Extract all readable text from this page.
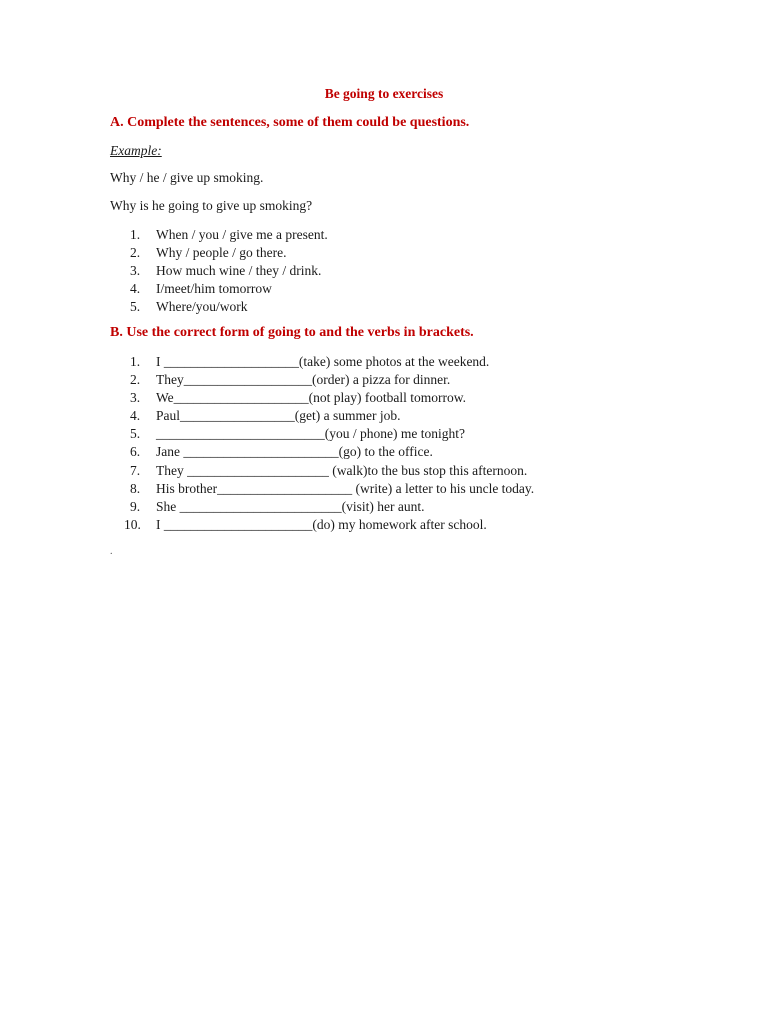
Be going to exercises
A. Complete the sentences, some of them could be questions.
Example:
Why / he / give up smoking.
Why is he going to give up smoking?
1. When / you / give me a present.
2. Why / people / go there.
3. How much wine / they / drink.
4. I/meet/him tomorrow
5. Where/you/work
B. Use the correct form of going to and the verbs in brackets.
1. I ____________________(take) some photos at the weekend.
2. They___________________(order) a pizza for dinner.
3. We____________________(not play) football tomorrow.
4. Paul_________________(get) a summer job.
5. _________________________(you / phone) me tonight?
6. Jane _______________________(go) to the office.
7. They _____________________ (walk)to the bus stop this afternoon.
8. His brother____________________ (write) a letter to his uncle today.
9. She ________________________(visit) her aunt.
10. I ______________________(do) my homework after school.
.
